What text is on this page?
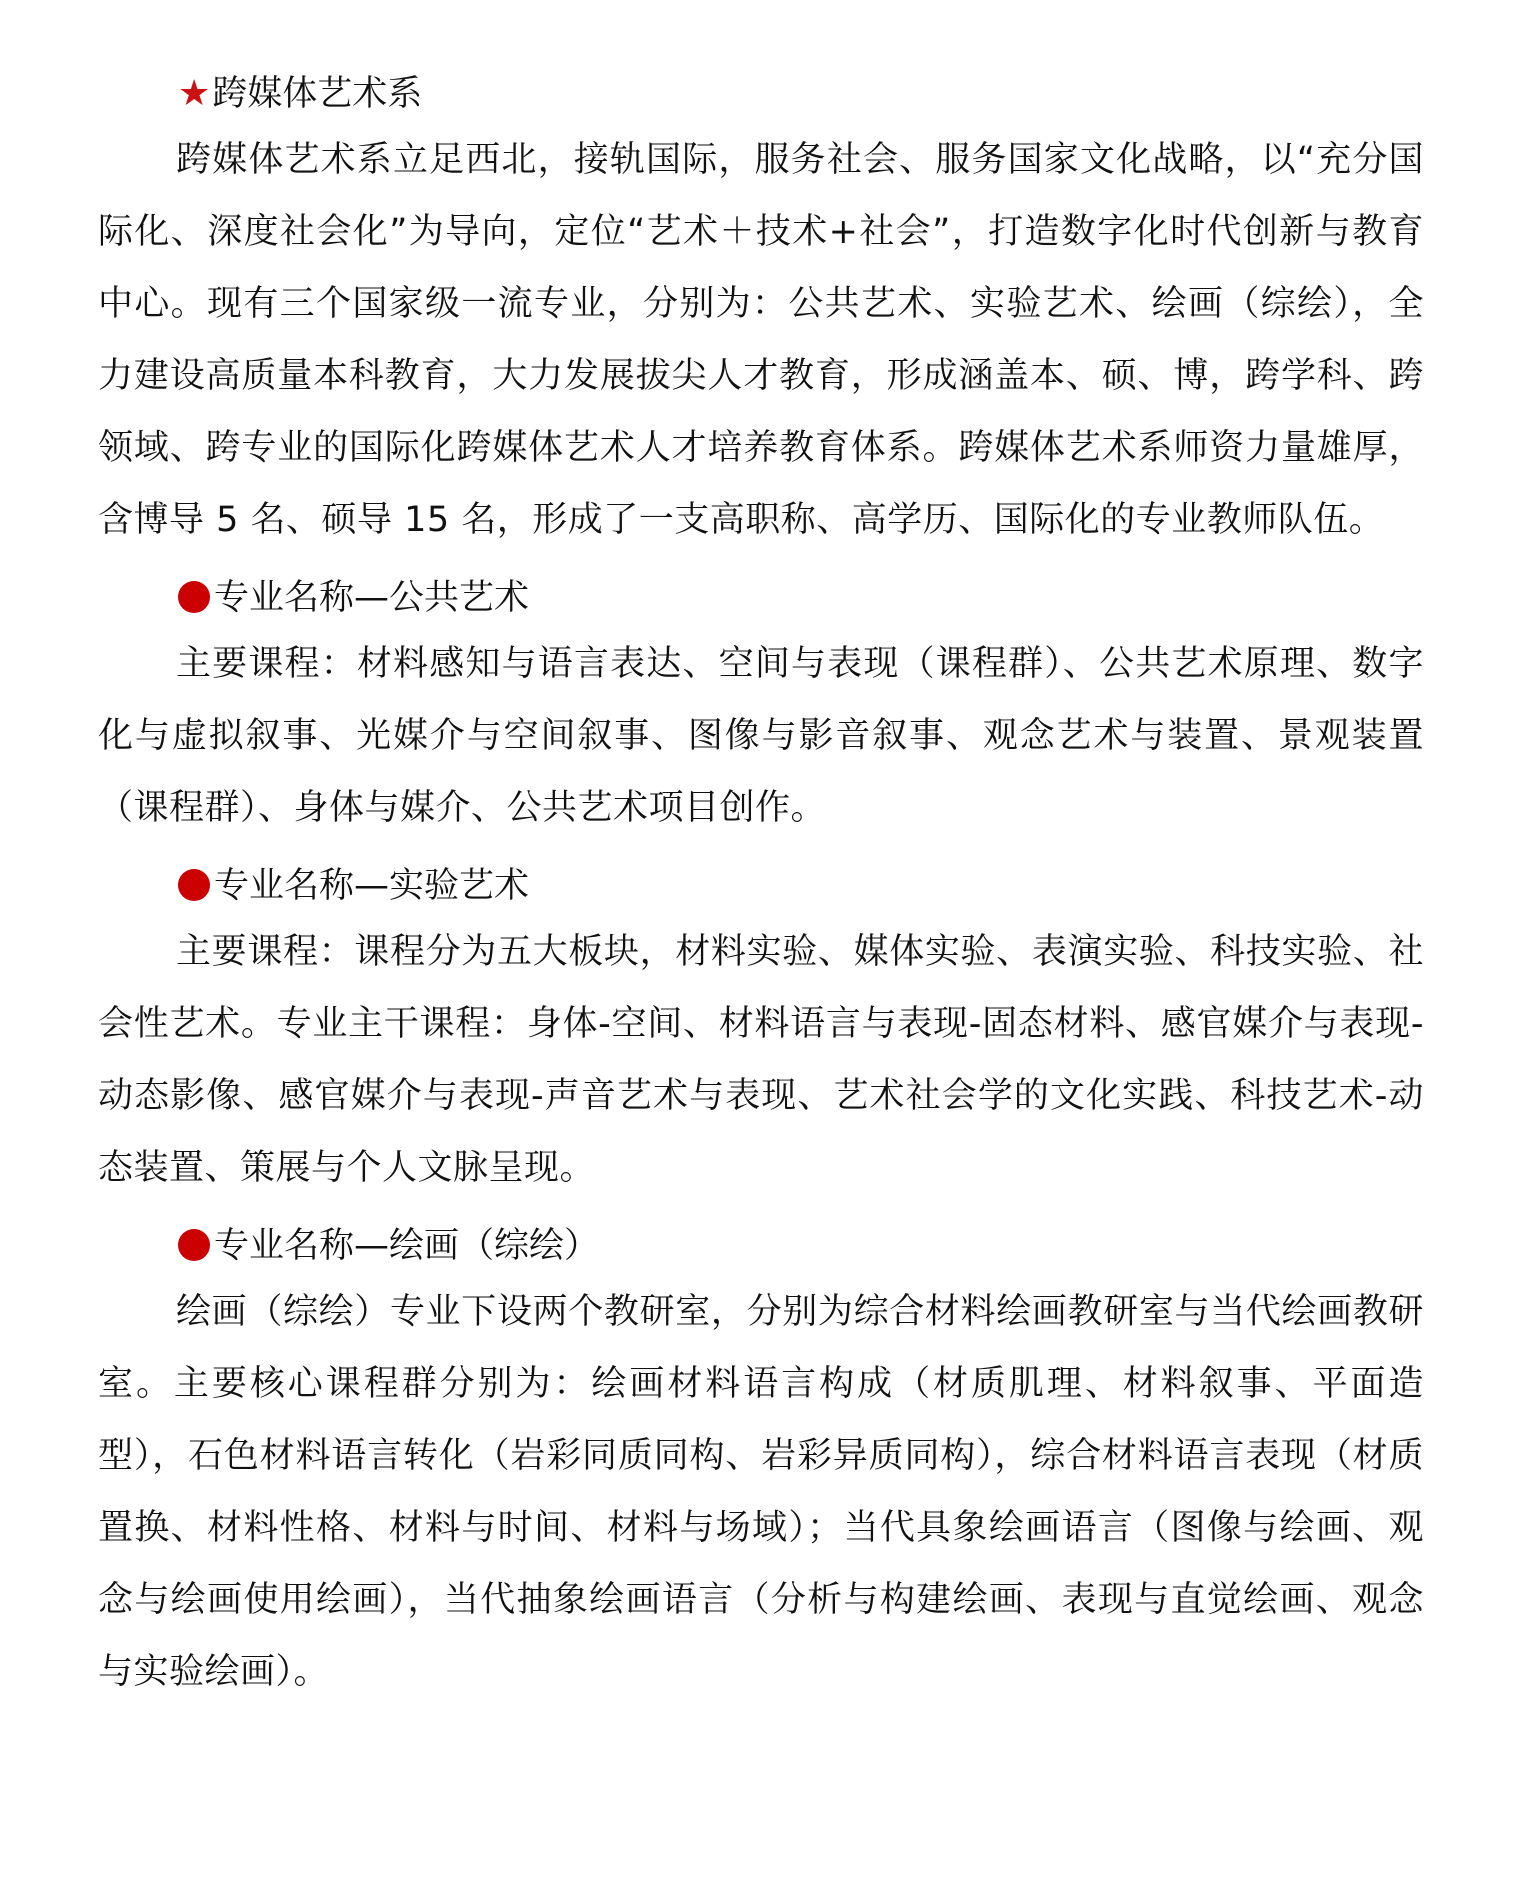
★跨媒体艺术系

跨媒体艺术系立足西北，接轨国际，服务社会、服务国家文化战略，以“充分国际化、深度社会化”为导向，定位“艺术＋技术+社会”，打造数字化时代创新与教育中心。现有三个国家级一流专业，分别为：公共艺术、实验艺术、绘画（综绘），全力建设高质量本科教育，大力发展拔尖人才教育，形成涵盖本、硕、博，跨学科、跨领域、跨专业的国际化跨媒体艺术人才培养教育体系。跨媒体艺术系师资力量雄厚，含博导 5 名、硕导 15 名，形成了一支高职称、高学历、国际化的专业教师队伍。

专业名称—公共艺术

主要课程：材料感知与语言表达、空间与表现（课程群）、公共艺术原理、数字化与虚拟叙事、光媒介与空间叙事、图像与影音叙事、观念艺术与装置、景观装置（课程群）、身体与媒介、公共艺术项目创作。

专业名称—实验艺术

主要课程：课程分为五大板块，材料实验、媒体实验、表演实验、科技实验、社会性艺术。专业主干课程：身体-空间、材料语言与表现-固态材料、感官媒介与表现-动态影像、感官媒介与表现-声音艺术与表现、艺术社会学的文化实践、科技艺术-动态装置、策展与个人文脉呈现。

专业名称—绘画（综绘）

绘画（综绘）专业下设两个教研室，分别为综合材料绘画教研室与当代绘画教研室。主要核心课程群分别为：绘画材料语言构成（材质肌理、材料叙事、平面造型），石色材料语言转化（岩彩同质同构、岩彩异质同构），综合材料语言表现（材质置换、材料性格、材料与时间、材料与场域）；当代具象绘画语言（图像与绘画、观念与绘画使用绘画），当代抽象绘画语言（分析与构建绘画、表现与直觉绘画、观念与实验绘画）。
